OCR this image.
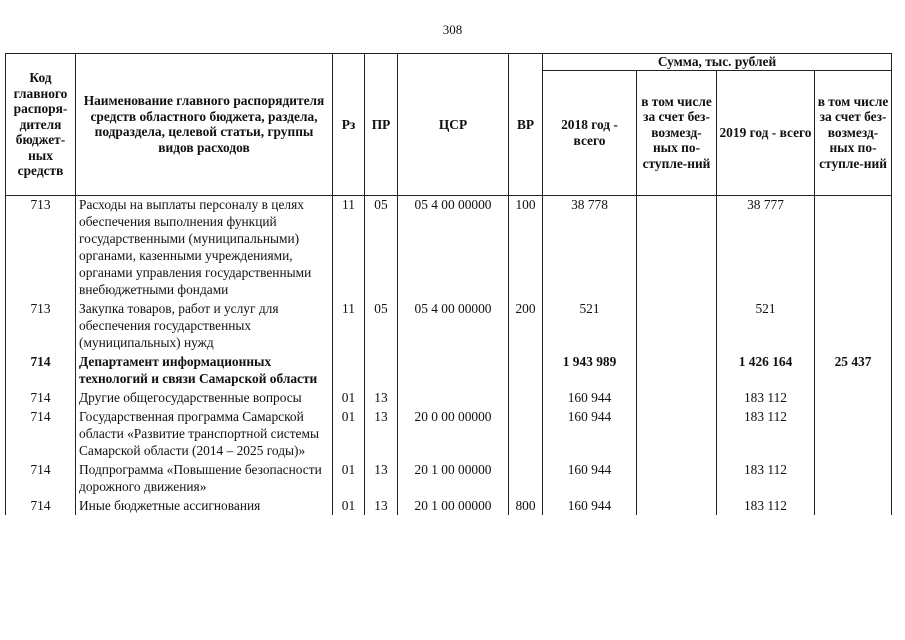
308
Код главного распоря-дителя бюджет-ных средств	Наименование главного распорядителя средств областного бюджета, раздела, подраздела, целевой статьи, группы видов расходов	Рз	ПР	ЦСР	ВР	Сумма, тыс. рублей			
						2018 год - всего	в том числе за счет без-возмезд-ных по-ступле-ний	2019 год - всего	в том числе за счет без-возмезд-ных по-ступле-ний
713	Расходы на выплаты персоналу в целях обеспечения выполнения функций государственными (муниципальными) органами, казенными учреждениями, органами управления государственными внебюджетными фондами	11	05	05 4 00 00000	100	38 778		38 777	
713	Закупка товаров, работ и услуг для обеспечения государственных (муниципальных) нужд	11	05	05 4 00 00000	200	521		521	
714	Департамент информационных технологий и связи Самарской области					1 943 989		1 426 164	25 437
714	Другие общегосударственные вопросы	01	13			160 944		183 112	
714	Государственная программа Самарской области «Развитие транспортной системы Самарской области (2014 – 2025 годы)»	01	13	20 0 00 00000		160 944		183 112	
714	Подпрограмма «Повышение безопасности дорожного движения»	01	13	20 1 00 00000		160 944		183 112	
714	Иные бюджетные ассигнования	01	13	20 1 00 00000	800	160 944		183 112	
